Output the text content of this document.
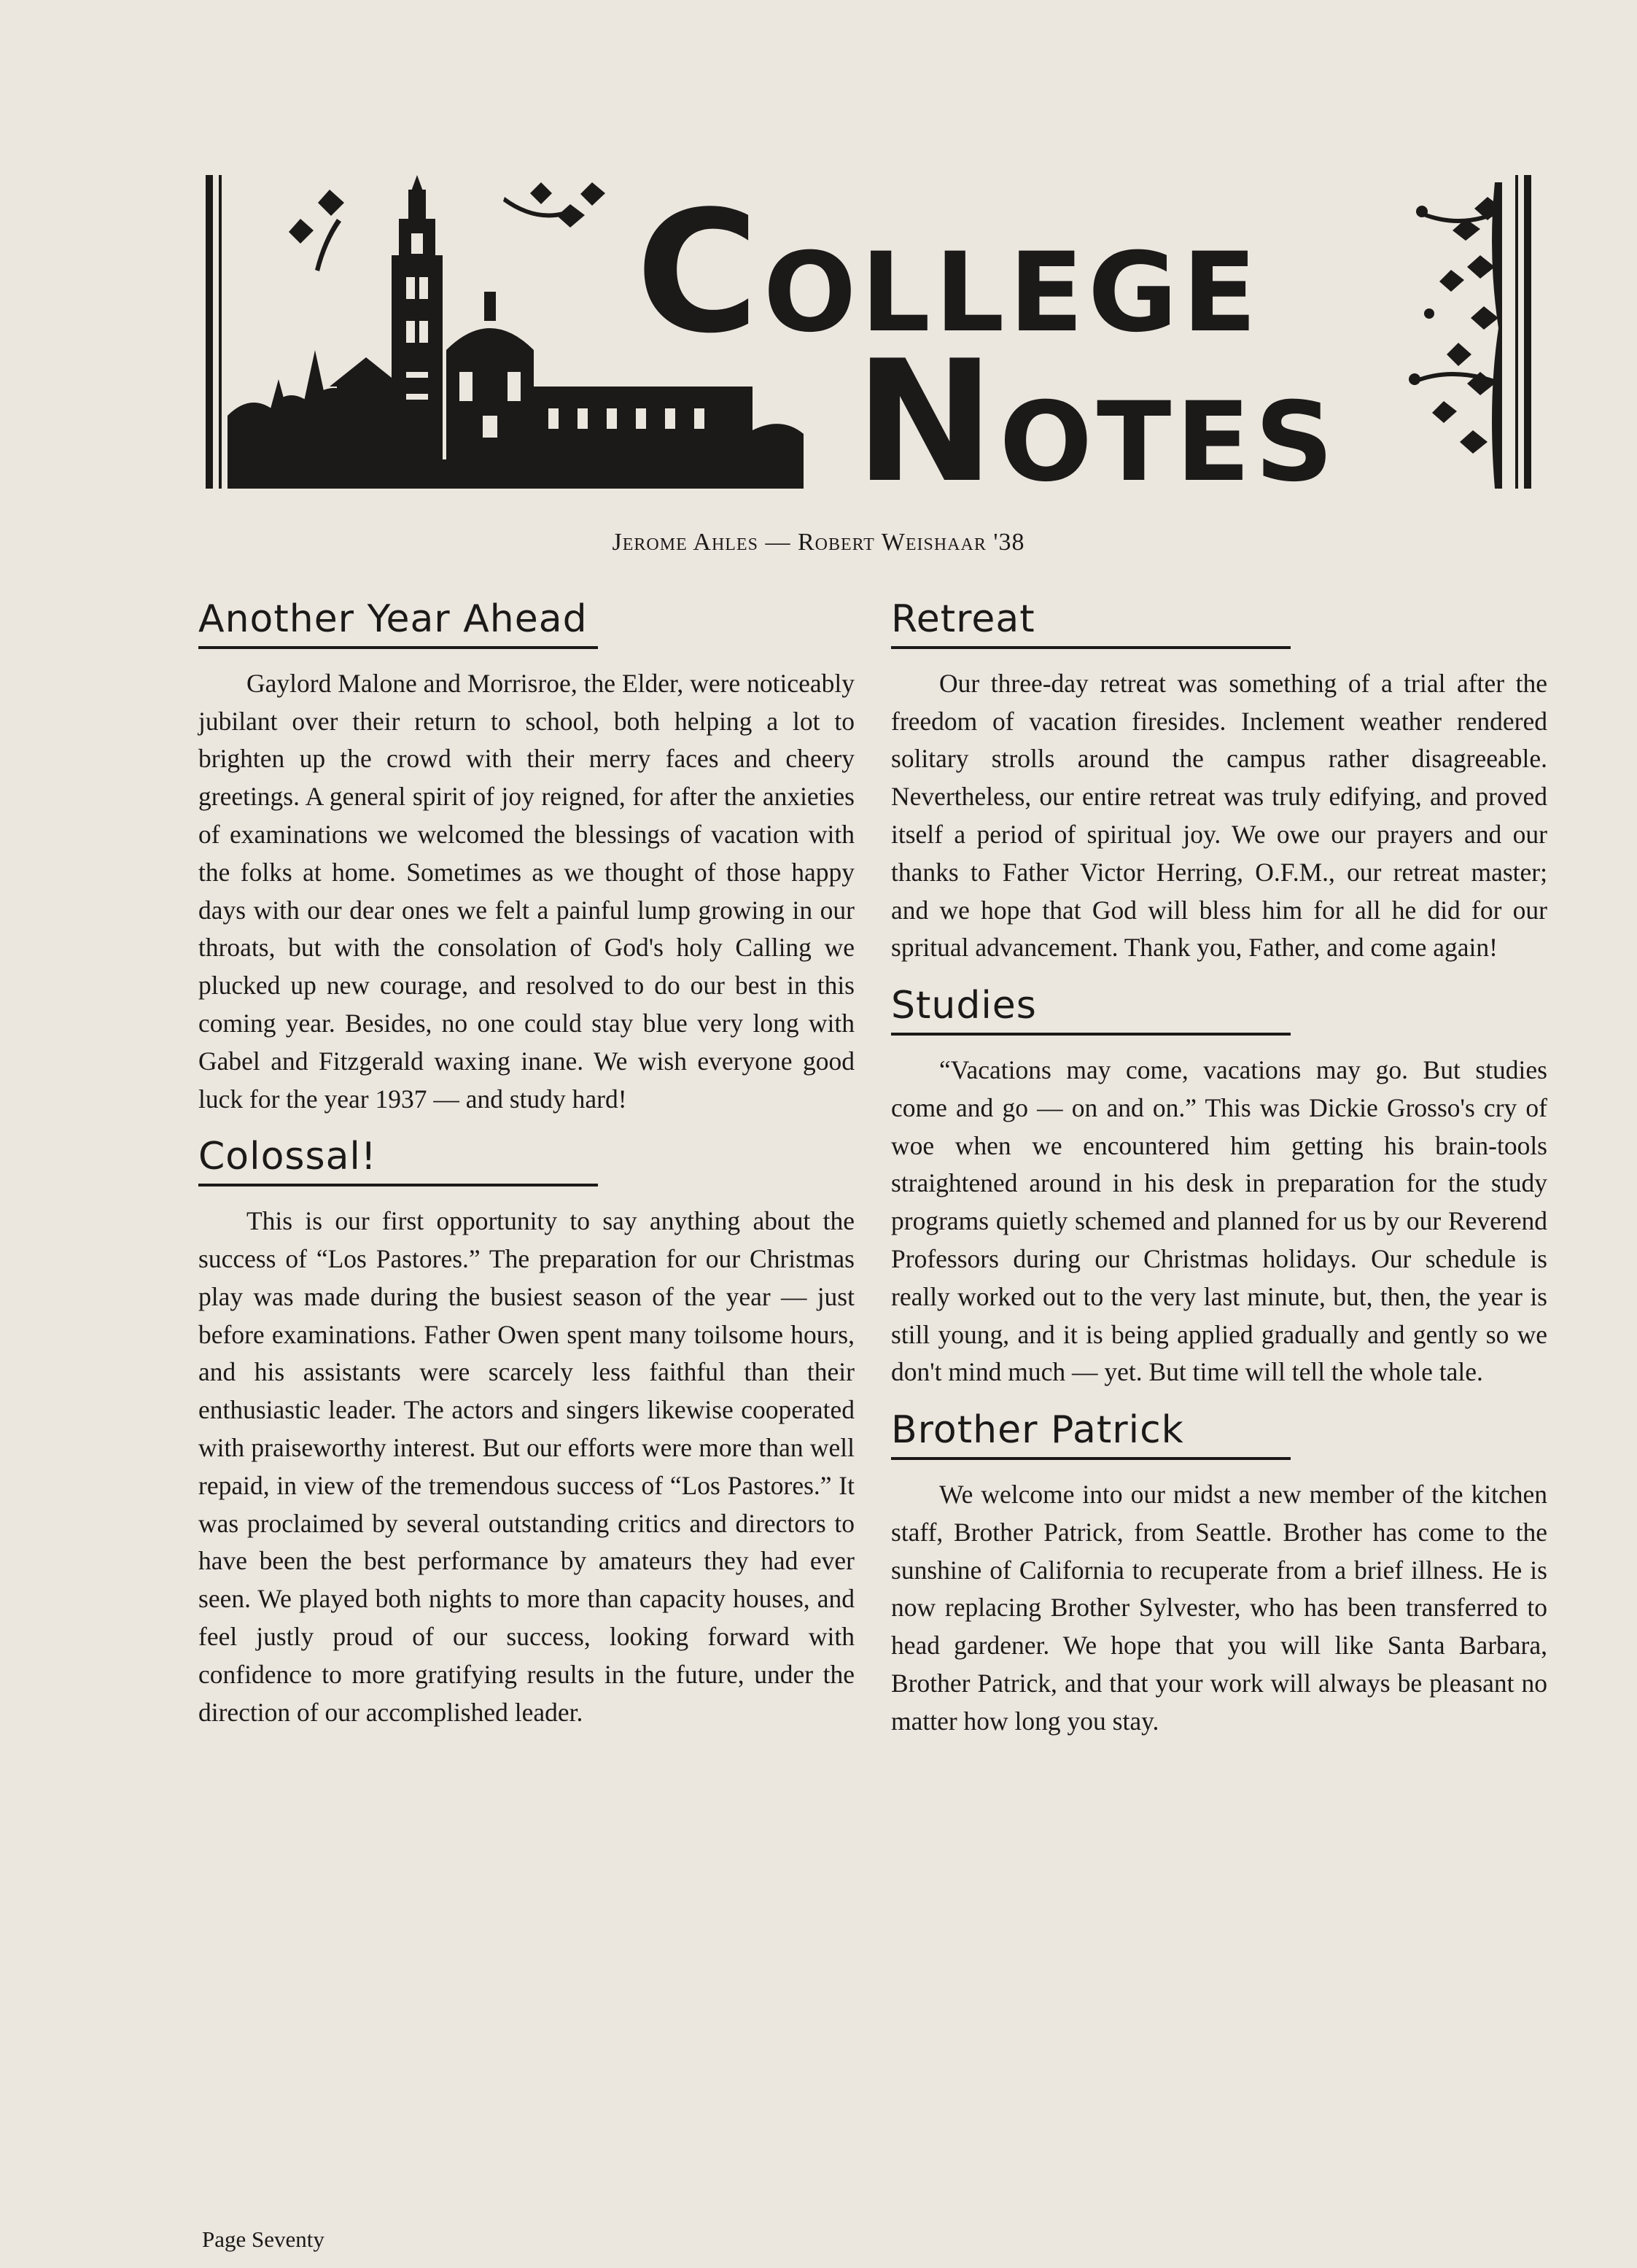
COLLEGE
NOTES
Jerome Ahles — Robert Weishaar '38
Another Year Ahead

Gaylord Malone and Morrisroe, the Elder, were noticeably jubilant over their return to school, both helping a lot to brighten up the crowd with their merry faces and cheery greetings. A general spirit of joy reigned, for after the anxieties of examinations we welcomed the blessings of vacation with the folks at home. Sometimes as we thought of those happy days with our dear ones we felt a painful lump growing in our throats, but with the consolation of God's holy Calling we plucked up new courage, and resolved to do our best in this coming year. Besides, no one could stay blue very long with Gabel and Fitzgerald waxing inane. We wish everyone good luck for the year 1937 — and study hard!

Colossal!

This is our first opportunity to say anything about the success of “Los Pastores.” The preparation for our Christmas play was made during the busiest season of the year — just before examinations. Father Owen spent many toilsome hours, and his assistants were scarcely less faithful than their enthusiastic leader. The actors and singers likewise cooperated with praiseworthy interest. But our efforts were more than well repaid, in view of the tremendous success of “Los Pastores.” It was proclaimed by several outstanding critics and directors to have been the best performance by amateurs they had ever seen. We played both nights to more than capacity houses, and feel justly proud of our success, looking forward with confidence to more gratifying results in the future, under the direction of our accomplished leader.

Retreat

Our three-day retreat was something of a trial after the freedom of vacation firesides. Inclement weather rendered solitary strolls around the campus rather disagreeable. Nevertheless, our entire retreat was truly edifying, and proved itself a period of spiritual joy. We owe our prayers and our thanks to Father Victor Herring, O.F.M., our retreat master; and we hope that God will bless him for all he did for our spritual advancement. Thank you, Father, and come again!

Studies

“Vacations may come, vacations may go. But studies come and go — on and on.” This was Dickie Grosso's cry of woe when we encountered him getting his brain-tools straightened around in his desk in preparation for the study programs quietly schemed and planned for us by our Reverend Professors during our Christmas holidays. Our schedule is really worked out to the very last minute, but, then, the year is still young, and it is being applied gradually and gently so we don't mind much — yet. But time will tell the whole tale.

Brother Patrick

We welcome into our midst a new member of the kitchen staff, Brother Patrick, from Seattle. Brother has come to the sunshine of California to recuperate from a brief illness. He is now replacing Brother Sylvester, who has been transferred to head gardener. We hope that you will like Santa Barbara, Brother Patrick, and that your work will always be pleasant no matter how long you stay.

Page Seventy
